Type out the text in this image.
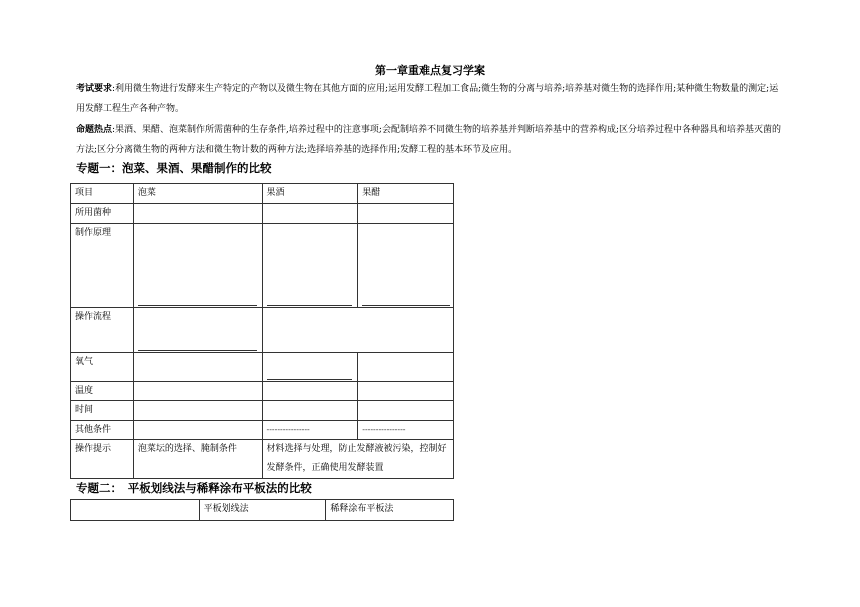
第一章重难点复习学案
考试要求:利用微生物进行发酵来生产特定的产物以及微生物在其他方面的应用;运用发酵工程加工食品;微生物的分离与培养;培养基对微生物的选择作用;某种微生物数量的测定;运用发酵工程生产各种产物。
命题热点:果酒、果醋、泡菜制作所需菌种的生存条件,培养过程中的注意事项;会配制培养不同微生物的培养基并判断培养基中的营养构成;区分培养过程中各种器具和培养基灭菌的方法;区分分离微生物的两种方法和微生物计数的两种方法;选择培养基的选择作用;发酵工程的基本环节及应用。
专题一：泡菜、果酒、果醋制作的比较
项目	泡菜	果酒	果醋
所用菌种			
制作原理			
操作流程			
氧气			
温度			
时间			
其他条件		----------------	----------------
操作提示	泡菜坛的选择、腌制条件	材料选择与处理，防止发酵液被污染，控制好发酵条件，正确使用发酵装置	
专题二：　平板划线法与稀释涂布平板法的比较
	平板划线法	稀释涂布平板法
